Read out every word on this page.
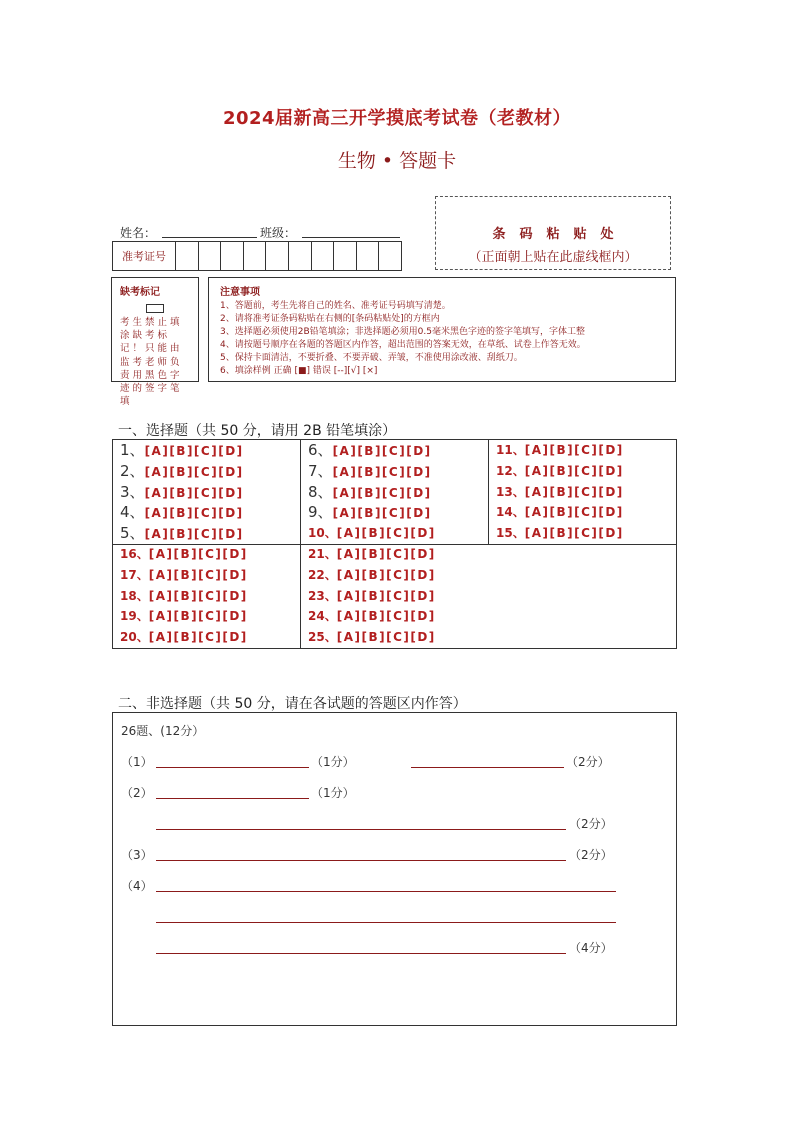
2024届新高三开学摸底考试卷（老教材）
生物 • 答题卡
姓名：	班级：
准考证号
条码粘贴处
（正面朝上贴在此虚线框内）
缺考标记
考生禁止填涂缺考标记！只能由监考老师负责用黑色字迹的签字笔填
注意事项
1、答题前，考生先将自己的姓名、准考证号码填写清楚。
2、请将准考证条码粘贴在右侧的[条码粘贴处]的方框内
3、选择题必须使用2B铅笔填涂；非选择题必须用0.5毫米黑色字迹的签字笔填写，字体工整
4、请按题号顺序在各题的答题区内作答，超出范围的答案无效，在草纸、试卷上作答无效。
5、保持卡面清洁，不要折叠、不要弄破、弄皱，不准使用涂改液、刮纸刀。
6、填涂样例 正确 [■] 错误 [--][√] [×]
一、选择题（共 50 分，请用 2B 铅笔填涂）
1、[A][B][C][D]
2、[A][B][C][D]
3、[A][B][C][D]
4、[A][B][C][D]
5、[A][B][C][D]
6、[A][B][C][D]
7、[A][B][C][D]
8、[A][B][C][D]
9、[A][B][C][D]
10、[A][B][C][D]
11、[A][B][C][D]
12、[A][B][C][D]
13、[A][B][C][D]
14、[A][B][C][D]
15、[A][B][C][D]
16、[A][B][C][D]
17、[A][B][C][D]
18、[A][B][C][D]
19、[A][B][C][D]
20、[A][B][C][D]
21、[A][B][C][D]
22、[A][B][C][D]
23、[A][B][C][D]
24、[A][B][C][D]
25、[A][B][C][D]
二、非选择题（共 50 分，请在各试题的答题区内作答）
26题、(12分）
（1）	（1分）	（2分）
（2）	（1分）
（2分）
（3）	（2分）
（4）
（4分）
